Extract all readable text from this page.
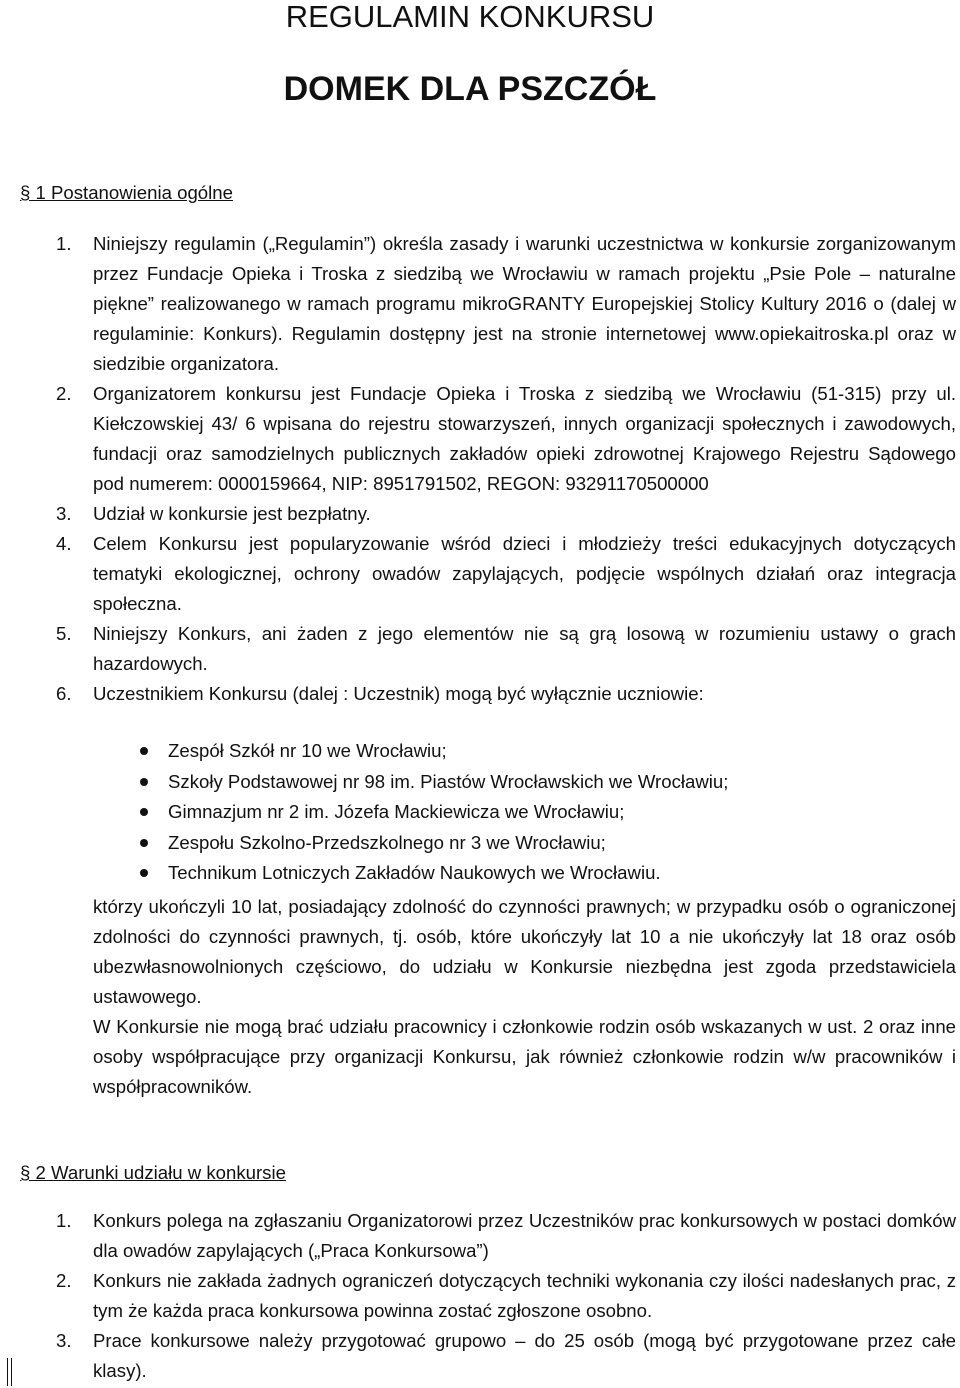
REGULAMIN KONKURSU
DOMEK DLA PSZCZÓŁ
§ 1 Postanowienia ogólne
1. Niniejszy regulamin („Regulamin”) określa zasady i warunki uczestnictwa w konkursie zorganizowanym przez Fundacje Opieka i Troska z siedzibą we Wrocławiu w ramach projektu „Psie Pole – naturalne piękne” realizowanego w ramach programu mikroGRANTY Europejskiej Stolicy Kultury 2016 o (dalej w regulaminie: Konkurs). Regulamin dostępny jest na stronie internetowej www.opiekaitroska.pl oraz w siedzibie organizatora.

2. Organizatorem konkursu jest Fundacje Opieka i Troska z siedzibą we Wrocławiu (51-315) przy ul. Kiełczowskiej 43/ 6 wpisana do rejestru stowarzyszeń, innych organizacji społecznych i zawodowych, fundacji oraz samodzielnych publicznych zakładów opieki zdrowotnej Krajowego Rejestru Sądowego pod numerem: 0000159664, NIP: 8951791502, REGON: 93291170500000

3. Udział w konkursie jest bezpłatny.

4. Celem Konkursu jest popularyzowanie wśród dzieci i młodzieży treści edukacyjnych dotyczących tematyki ekologicznej, ochrony owadów zapylających, podjęcie wspólnych działań oraz integracja społeczna.

5. Niniejszy Konkurs, ani żaden z jego elementów nie są grą losową w rozumieniu ustawy o grach hazardowych.

6. Uczestnikiem Konkursu (dalej : Uczestnik) mogą być wyłącznie uczniowie:

Zespół Szkół nr 10 we Wrocławiu;
Szkoły Podstawowej nr 98 im. Piastów Wrocławskich we Wrocławiu;
Gimnazjum nr 2 im. Józefa Mackiewicza we Wrocławiu;
Zespołu Szkolno-Przedszkolnego nr 3 we Wrocławiu;
Technikum Lotniczych Zakładów Naukowych we Wrocławiu.

którzy ukończyli 10 lat, posiadający zdolność do czynności prawnych; w przypadku osób o ograniczonej zdolności do czynności prawnych, tj. osób, które ukończyły lat 10 a nie ukończyły lat 18 oraz osób ubezwłasnowolnionych częściowo, do udziału w Konkursie niezbędna jest zgoda przedstawiciela ustawowego.

W Konkursie nie mogą brać udziału pracownicy i członkowie rodzin osób wskazanych w ust. 2 oraz inne osoby współpracujące przy organizacji Konkursu, jak również członkowie rodzin w/w pracowników i współpracowników.

§ 2 Warunki udziału w konkursie
1. Konkurs polega na zgłaszaniu Organizatorowi przez Uczestników prac konkursowych w postaci domków dla owadów zapylających („Praca Konkursowa”)

2. Konkurs nie zakłada żadnych ograniczeń dotyczących techniki wykonania czy ilości nadesłanych prac, z tym że każda praca konkursowa powinna zostać zgłoszone osobno.

3. Prace konkursowe należy przygotować grupowo – do 25 osób (mogą być przygotowane przez całe klasy).
